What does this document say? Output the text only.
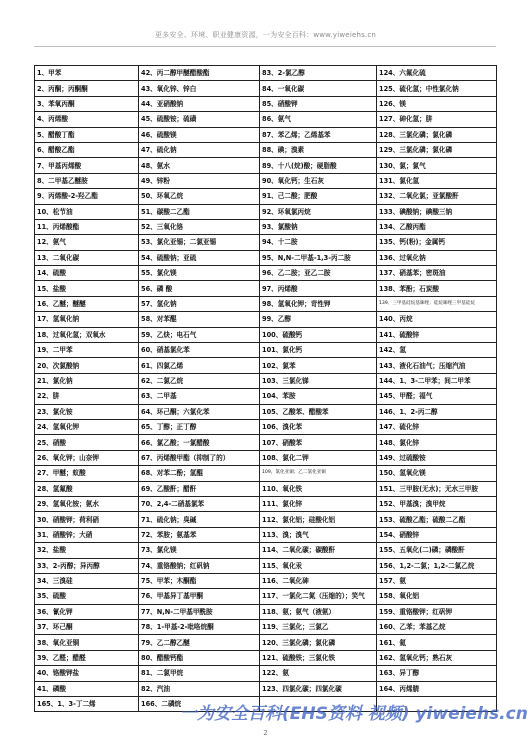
更多安全、环境、职业健康资源，一为安全百科：www.yiweiehs.cn
1、甲苯	42、丙二醇甲醚醋酸酯	83、2-氯乙醇	124、六氟化硫
2、丙酮；丙酮酮	43、氧化锌、锌白	84、一氧化碳	125、硫化氢；中性氯化钠
3、苯氧丙酮	44、亚硝酸钠	85、硝酸钾	126、镁
4、丙烯酸	45、硫酸铵；硫磺	86、氨气	127、砷化氢；肼
5、醋酸丁酯	46、硫酸镁	87、苯乙烯；乙烯基苯	128、三氯化磷；氯化磷
6、醋酸乙酯	47、硫化钠	88、碘；溴素	129、三氯化磷；氯化磷
7、甲基丙烯酸	48、氨水	89、十八(烷)酸；硬脂酸	130、氯；氯气
8、二甲基乙醚胺	49、锌粉	90、氧化钙；生石灰	131、氯化氢
9、丙烯酸-2-羟乙酯	50、环氧乙烷	91、己二酸；肥酸	132、二氧化氯；亚氯酸酐
10、松节油	51、碳酸二乙酯	92、环氧氯丙烷	133、碘酸钠；碘酸三钠
11、丙烯酸酯	52、三氧化铬	93、氯酸钠	134、乙酸丙酯
12、氨气	53、氯化亚锡；二氯亚锡	94、十二胺	135、钙(粉)；金属钙
13、二氧化碳	54、硫酸钠；亚硫	95、N,N-二甲基-1,3-丙二胺	136、过氧化钠
14、硫酸	55、氯化镁	96、乙二胺；亚乙二胺	137、硝基苯；密斑油
15、盐酸	56、磷 酸	97、丙烯酸	138、苯酚；石炭酸
16、乙醚；醚醚	57、氢化钠	98、氢氧化钾；苛性钾	139、三甲基硅烷基咪唑；硅烷咪唑三甲基硅烷
17、氢氧化钠	58、对苯醌	99、乙醇	140、丙烷
18、过氧化氢；双氧水	59、乙炔；电石气	100、硫酸钙	141、硫酸锌
19、二甲苯	60、硝基氯化苯	101、氯化钙	142、氢
20、次氯酸钠	61、四氯乙烯	102、氯苯	143、液化石油气；压缩汽油
21、氯化钠	62、二氯乙烷	103、三氯化锑	144、1、3-二甲苯；间二甲苯
22、肼	63、二甲基	104、苯胺	145、甲醛；福气
23、氯化铵	64、环己酮；六氯化苯	105、乙酸苯、醋酸苯	146、1、2-丙二醇
24、氢氧化钾	65、丁醇；正丁醇	106、溴化苯	147、硫化锌
25、硝酸	66、氯乙酸；一氯醋酸	107、硝酸苯	148、氯化锌
26、氧化钾；山奈钾	67、丙烯酸甲酯（抑制了的）	108、氯化二钾	149、过硫酸铵
27、甲醚；蚁酸	68、对苯二酚；氢醌	109、氯化亚铜；乙二氯化亚铜	150、氢氧化镁
28、氢氟酸	69、乙酸酐；醋酐	110、氧化铁	151、三甲胺(无水)；无水三甲胺
29、氢氧化铵；氨水	70、2,4-二硝基氯苯	111、氯化锌	152、甲基溴；溴甲烷
30、硝酸钾；荷利硝	71、硫化钠；臭碱	112、氯化铝；硅酸化铝	153、硫酸乙酯；硫酸二乙酯
31、硝酸锌；大硝	72、苯胺；氨基苯	113、溴；溴气	154、硝酸锌
32、盐酸	73、氯化镁	114、二氧化碳；碳酸酐	155、五氧化(二)磷；磷酸酐
33、2-丙醇；异丙醇	74、重铬酸钠；红矾钠	115、氧化汞	156、1,2-二氯；1,2-二氯乙烷
34、三溴硅	75、甲苯；木酮酯	116、二氧化砷	157、氨
35、硫酸	76、甲基异丁基甲酮	117、一氯化二氮（压缩的）；笑气	158、氧化铝
36、氰化钾	77、N,N-二甲基甲酰胺	118、氨；氨气（液氨）	159、重铬酸钾；红矾钾
37、环己酮	78、1-甲基-2-吡咯烷酮	119、三氯化；三氯乙	160、乙苯；苯基乙烷
38、氧化亚铜	79、乙二醇乙醚	120、三氯化磷；氯化磷	161、氦
39、乙醛；醋醛	80、醋酸钙酯	121、硫酸铁；三氯化铁	162、氢氧化钙；熟石灰
40、铬酸钾盐	81、二氯甲烷	122、氨	163、异丁醇
41、磷酸	82、汽油	123、四氯化碳；四氯化碳	164、丙烯腈
165、1、3-丁二烯	166、二磷烷		
2
一为安全百科(EHS资料 视频) yiweiehs.cn
